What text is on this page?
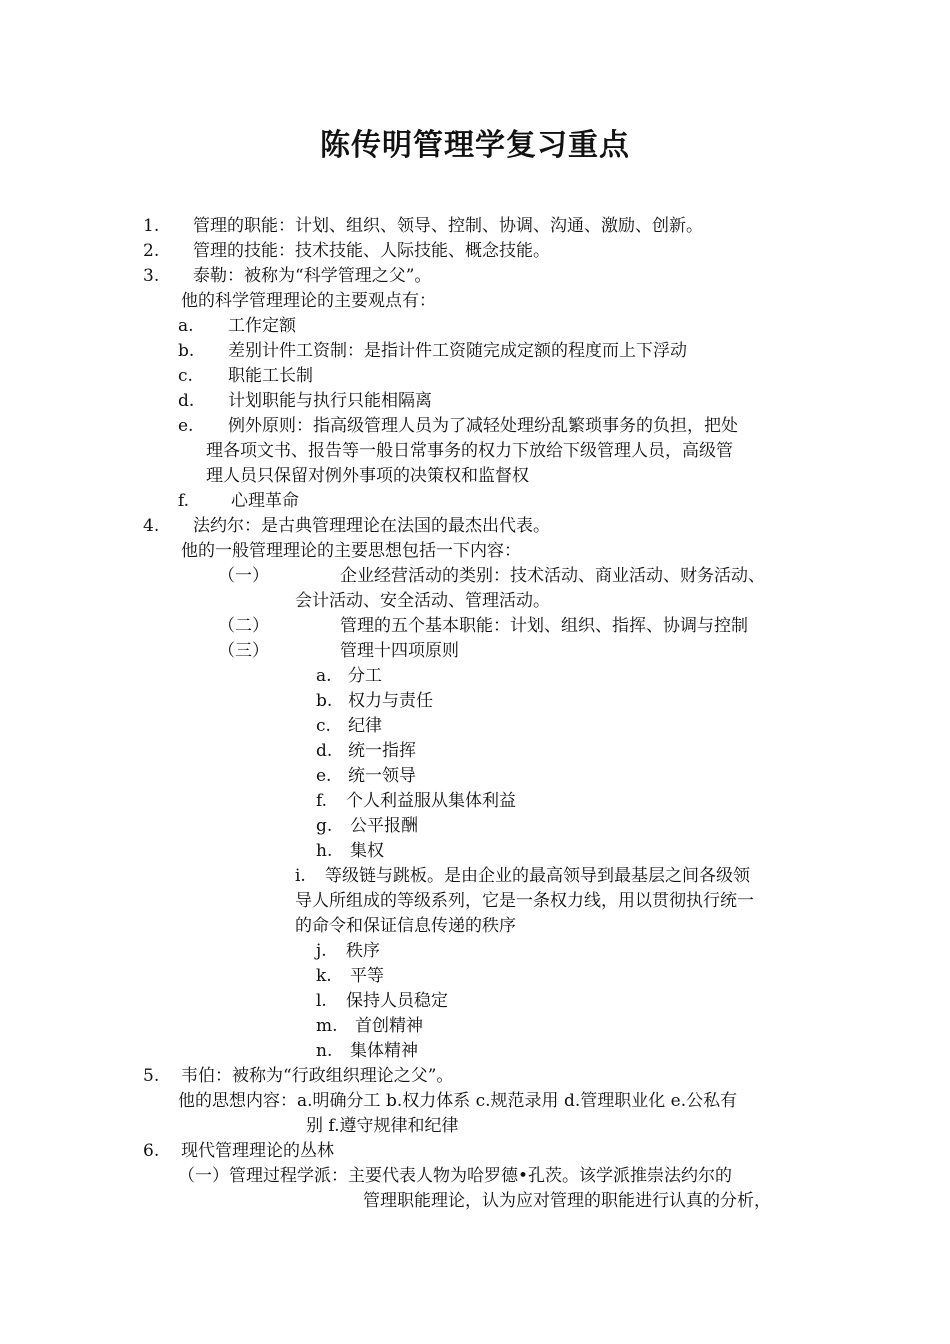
陈传明管理学复习重点
1. 管理的职能：计划、组织、领导、控制、协调、沟通、激励、创新。
2. 管理的技能：技术技能、人际技能、概念技能。
3. 泰勒：被称为“科学管理之父”。
他的科学管理理论的主要观点有：
a. 工作定额
b. 差别计件工资制：是指计件工资随完成定额的程度而上下浮动
c. 职能工长制
d. 计划职能与执行只能相隔离
e. 例外原则：指高级管理人员为了减轻处理纷乱繁琐事务的负担，把处
理各项文书、报告等一般日常事务的权力下放给下级管理人员，高级管
理人员只保留对例外事项的决策权和监督权
f. 心理革命
4. 法约尔：是古典管理理论在法国的最杰出代表。
他的一般管理理论的主要思想包括一下内容：
（一）	企业经营活动的类别：技术活动、商业活动、财务活动、
会计活动、安全活动、管理活动。
（二）	管理的五个基本职能：计划、组织、指挥、协调与控制
（三）	管理十四项原则
a. 分工
b. 权力与责任
c. 纪律
d. 统一指挥
e. 统一领导
f. 个人利益服从集体利益
g. 公平报酬
h. 集权
i. 等级链与跳板。是由企业的最高领导到最基层之间各级领
导人所组成的等级系列，它是一条权力线，用以贯彻执行统一
的命令和保证信息传递的秩序
j. 秩序
k. 平等
l. 保持人员稳定
m. 首创精神
n. 集体精神
5. 韦伯：被称为“行政组织理论之父”。
他的思想内容：a.明确分工 b.权力体系 c.规范录用 d.管理职业化 e.公私有
别 f.遵守规律和纪律
6. 现代管理理论的丛林
（一）管理过程学派：主要代表人物为哈罗德•孔茨。该学派推崇法约尔的
管理职能理论，认为应对管理的职能进行认真的分析，
